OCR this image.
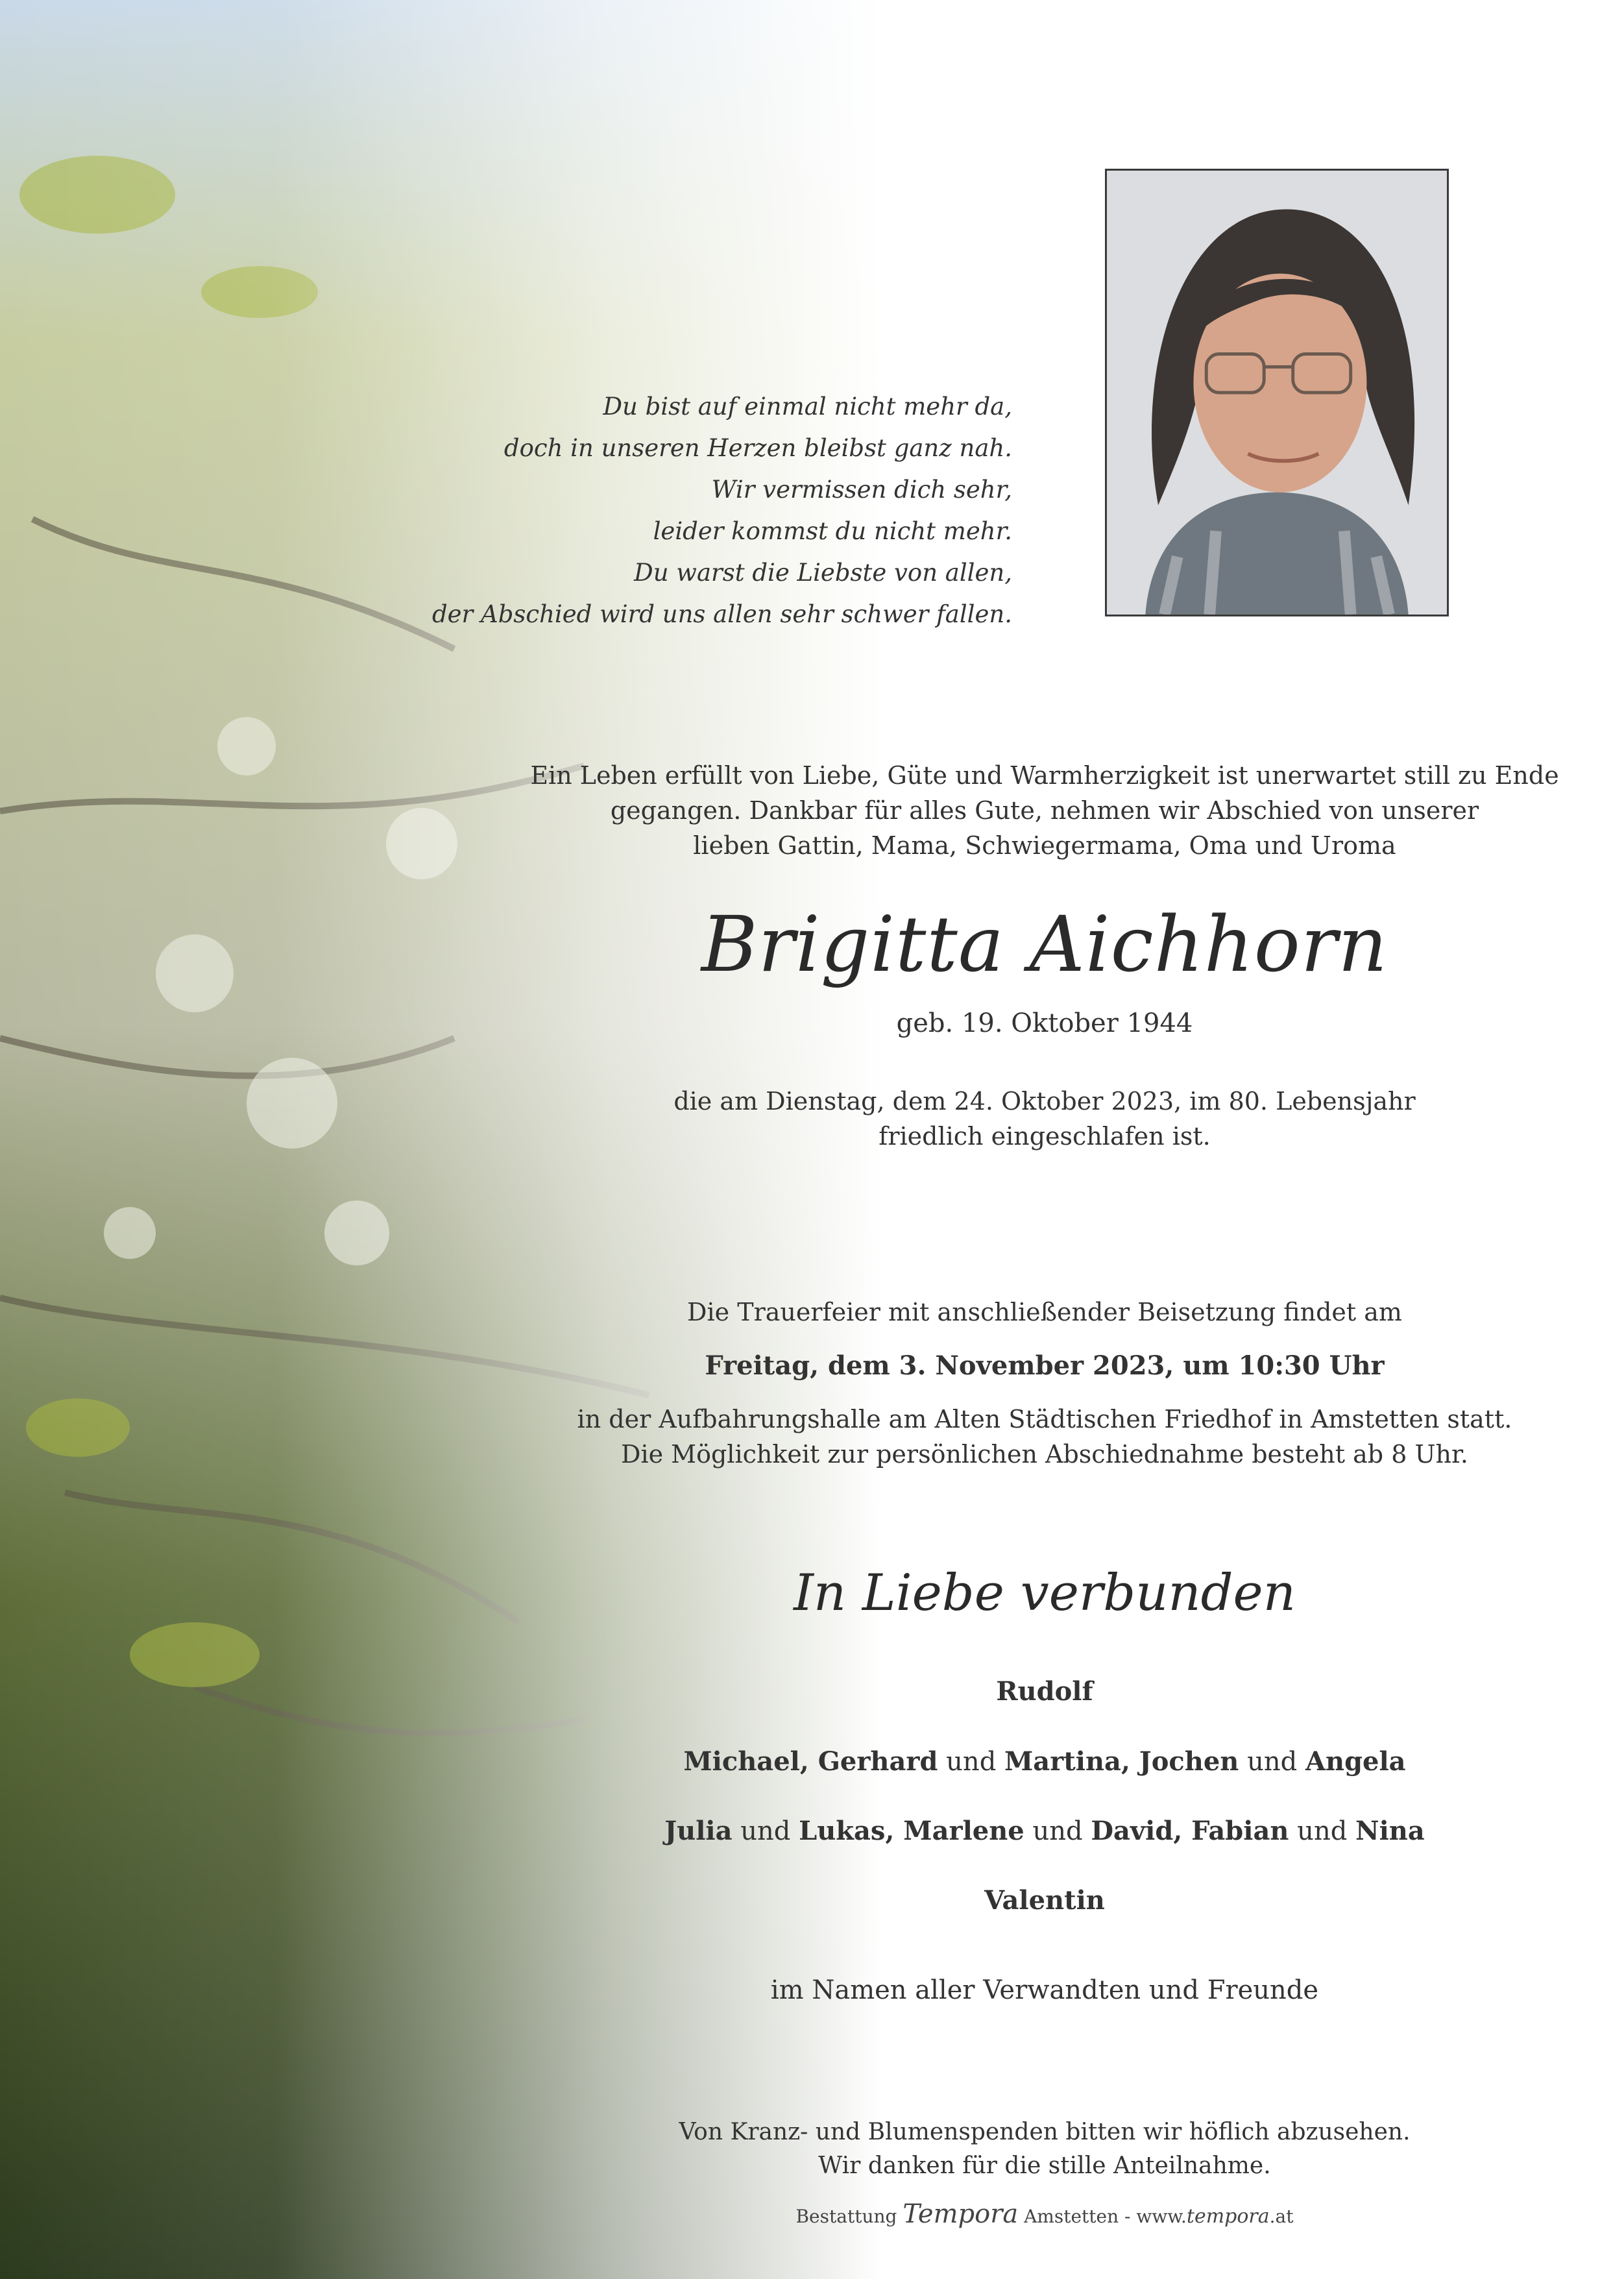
Du bist auf einmal nicht mehr da,
doch in unseren Herzen bleibst ganz nah.
Wir vermissen dich sehr,
leider kommst du nicht mehr.
Du warst die Liebste von allen,
der Abschied wird uns allen sehr schwer fallen.
Ein Leben erfüllt von Liebe, Güte und Warmherzigkeit ist unerwartet still zu Ende
gegangen. Dankbar für alles Gute, nehmen wir Abschied von unserer
lieben Gattin, Mama, Schwiegermama, Oma und Uroma
Brigitta Aichhorn
geb. 19. Oktober 1944
die am Dienstag, dem 24. Oktober 2023, im 80. Lebensjahr
friedlich eingeschlafen ist.
Die Trauerfeier mit anschließender Beisetzung findet am
Freitag, dem 3. November 2023, um 10:30 Uhr
in der Aufbahrungshalle am Alten Städtischen Friedhof in Amstetten statt.
Die Möglichkeit zur persönlichen Abschiednahme besteht ab 8 Uhr.
In Liebe verbunden
Rudolf
Michael, Gerhard und Martina, Jochen und Angela
Julia und Lukas, Marlene und David, Fabian und Nina
Valentin
im Namen aller Verwandten und Freunde
Von Kranz- und Blumenspenden bitten wir höflich abzusehen.
Wir danken für die stille Anteilnahme.
Bestattung Tempora Amstetten - www.tempora.at
